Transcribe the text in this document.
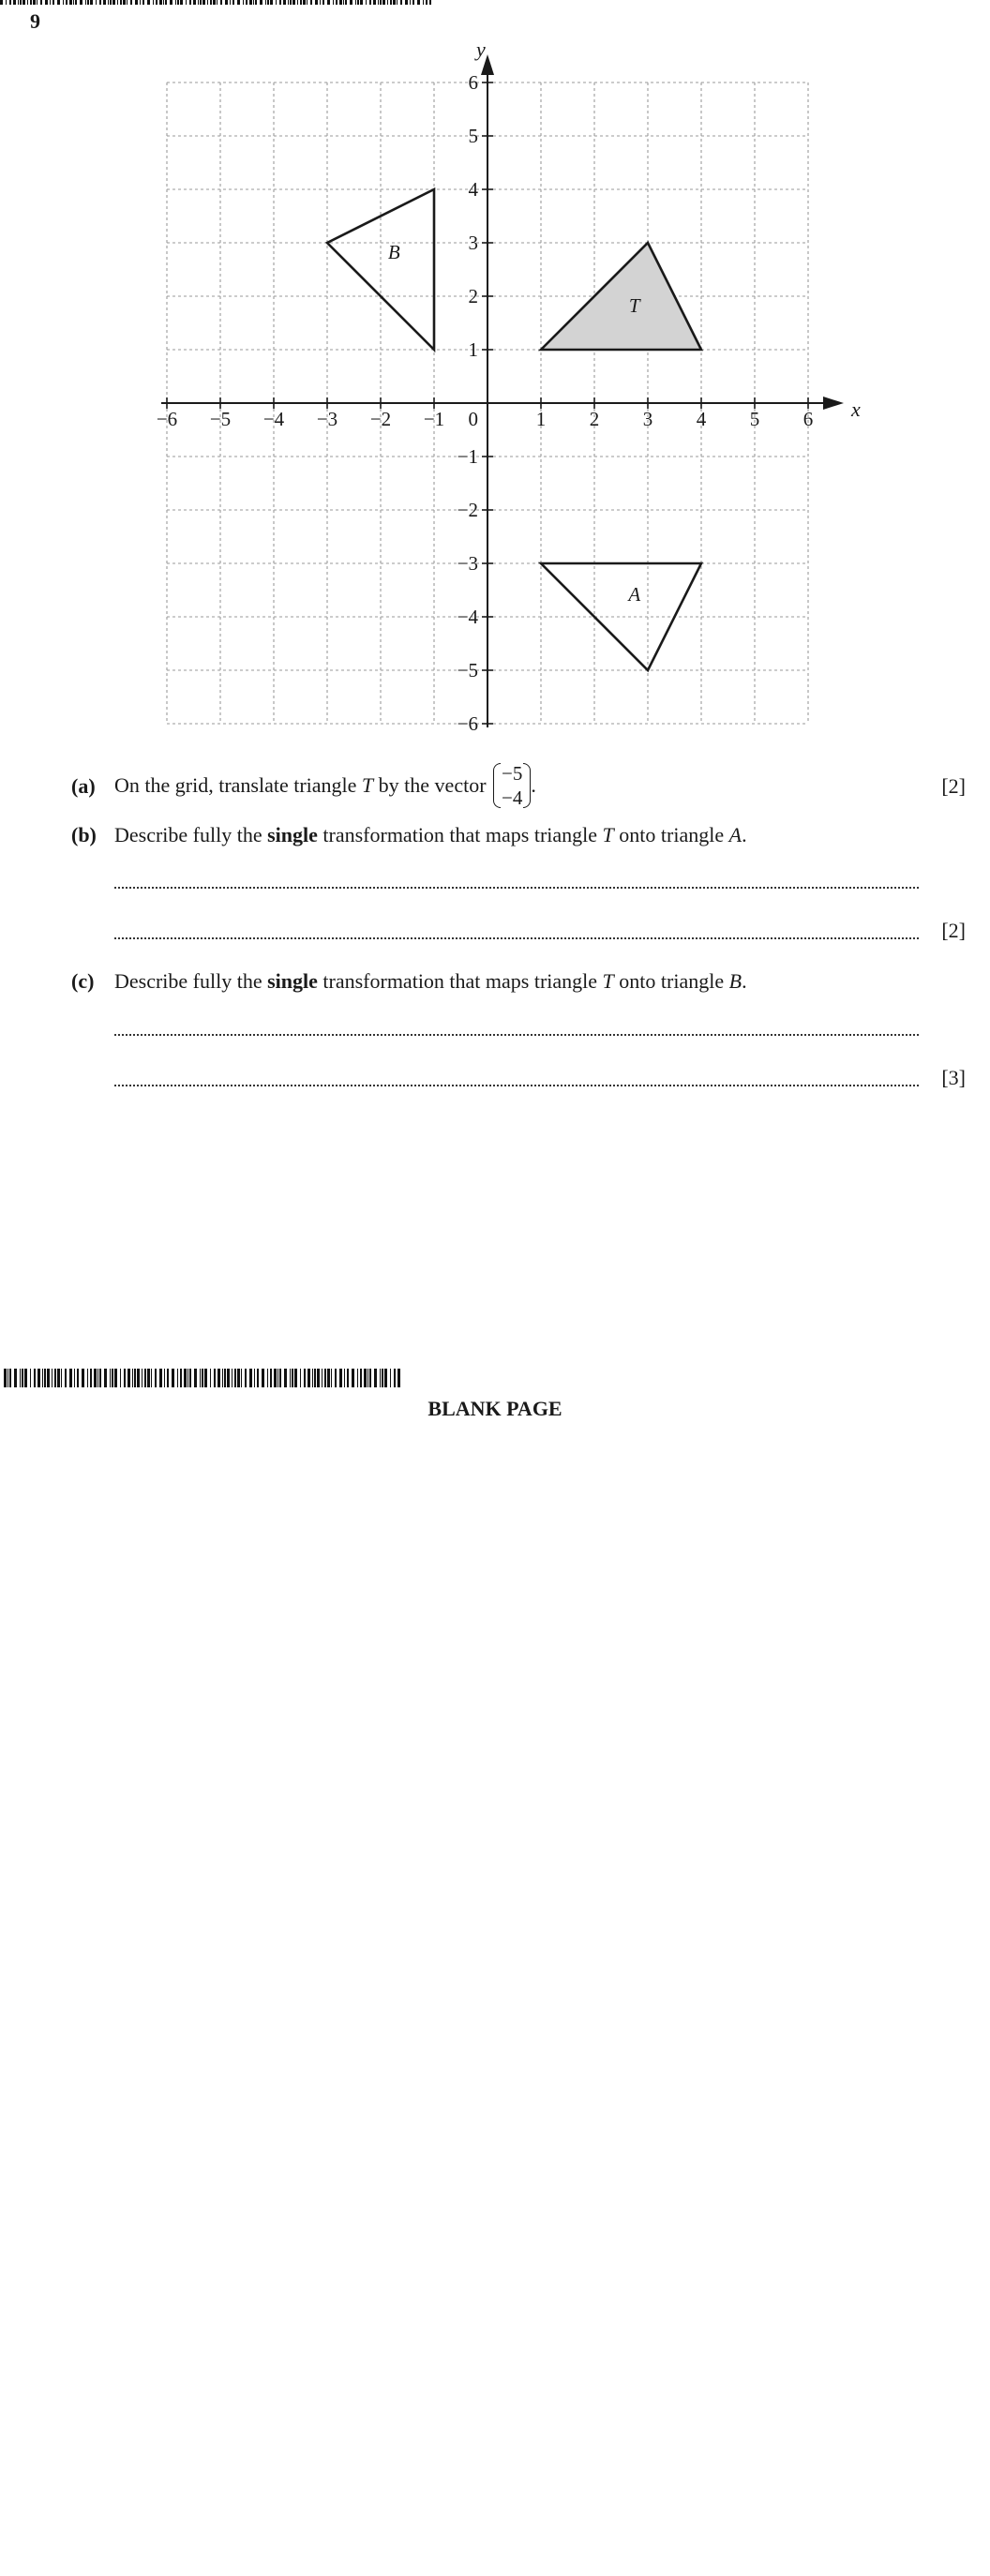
9
T
A
B
x
y
−6 −5 −4 −3 −2 −1	1 2 3 4 5 6
6
5
4
3
2
1
−1
−2
−3
−4
−5
−6
0
(a) On the grid, translate triangle T by the vector −5
−4
.	[2]
(b) Describe fully the single transformation that maps triangle T onto triangle A.
[2]
(c) Describe fully the single transformation that maps triangle T onto triangle B.
[3]
BLANK PAGE
